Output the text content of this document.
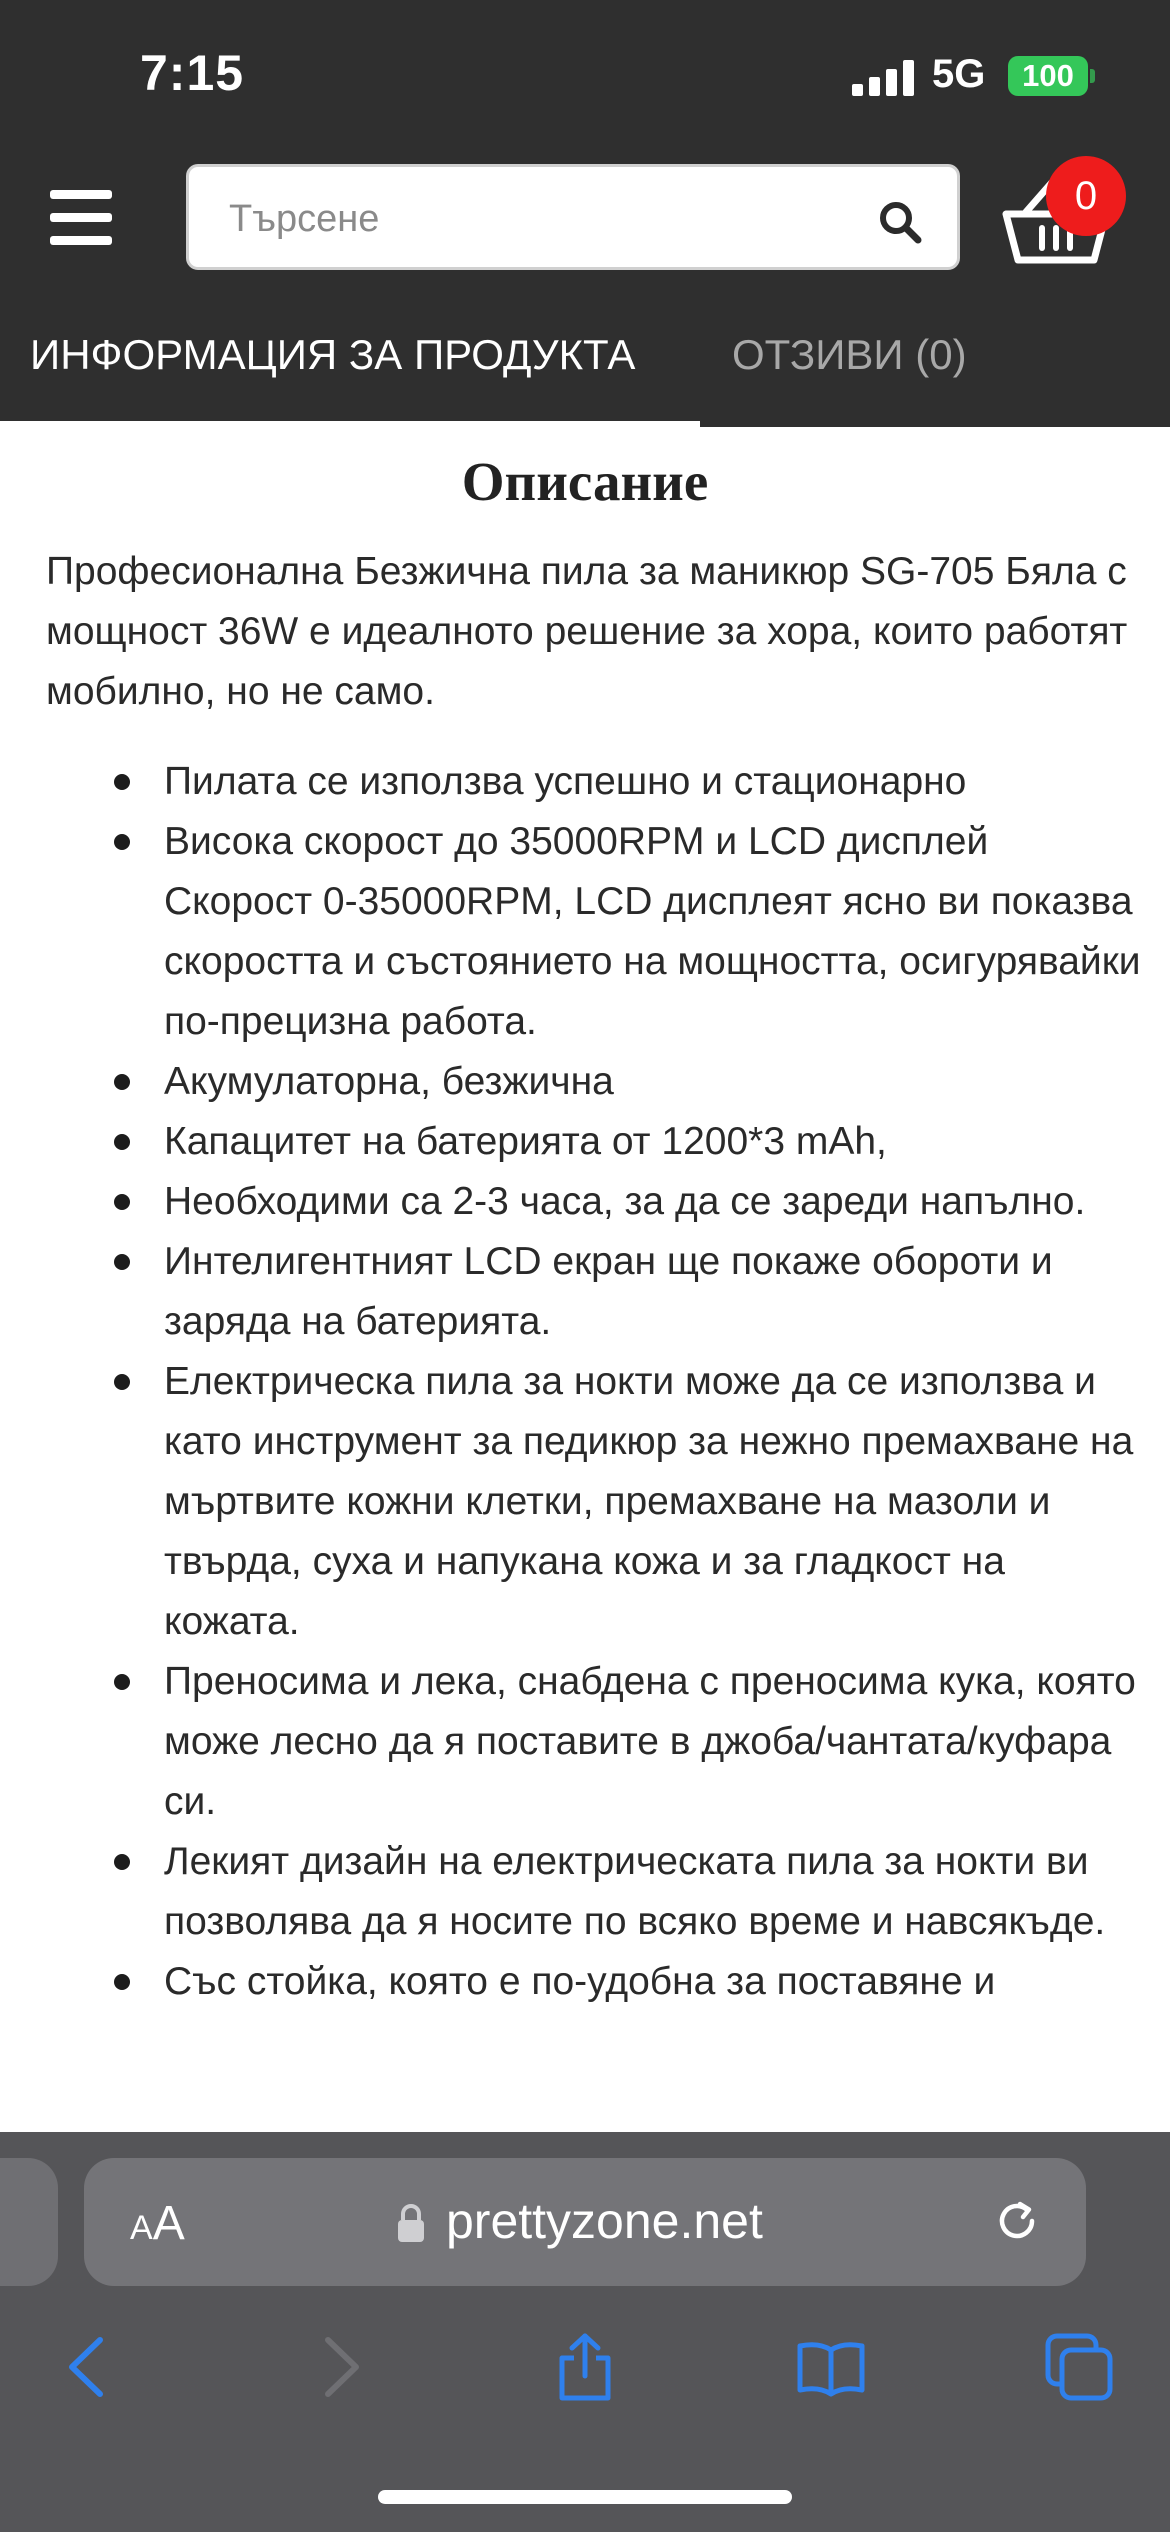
7:15	5G	100
Търсене
0
ИНФОРМАЦИЯ ЗА ПРОДУКТА ОТЗИВИ (0)
Описание

Професионална Безжична пила за маникюр SG-705 Бяла с мощност 36W е идеалното решение за хора, които работят мобилно, но не само.

Пилата се използва успешно и стационарно
Висока скорост до 35000RPM и LCD дисплей Скорост 0-35000RPM, LCD дисплеят ясно ви показва скоростта и състоянието на мощността, осигурявайки по-прецизна работа.
Акумулаторна, безжична
Капацитет на батерията от 1200*3 mAh,
Необходими са 2-3 часа, за да се зареди напълно.
Интелигентният LCD екран ще покаже обороти и заряда на батерията.
Електрическа пила за нокти може да се използва и като инструмент за педикюр за нежно премахване на мъртвите кожни клетки, премахване на мазоли и твърда, суха и напукана кожа и за гладкост на кожата.
Преносима и лека, снабдена с преносима кука, която може лесно да я поставите в джоба/чантата/куфара си.
Лекият дизайн на електрическата пила за нокти ви позволява да я носите по всяко време и навсякъде.
Със стойка, която е по-удобна за поставяне и
AA	prettyzone.net
